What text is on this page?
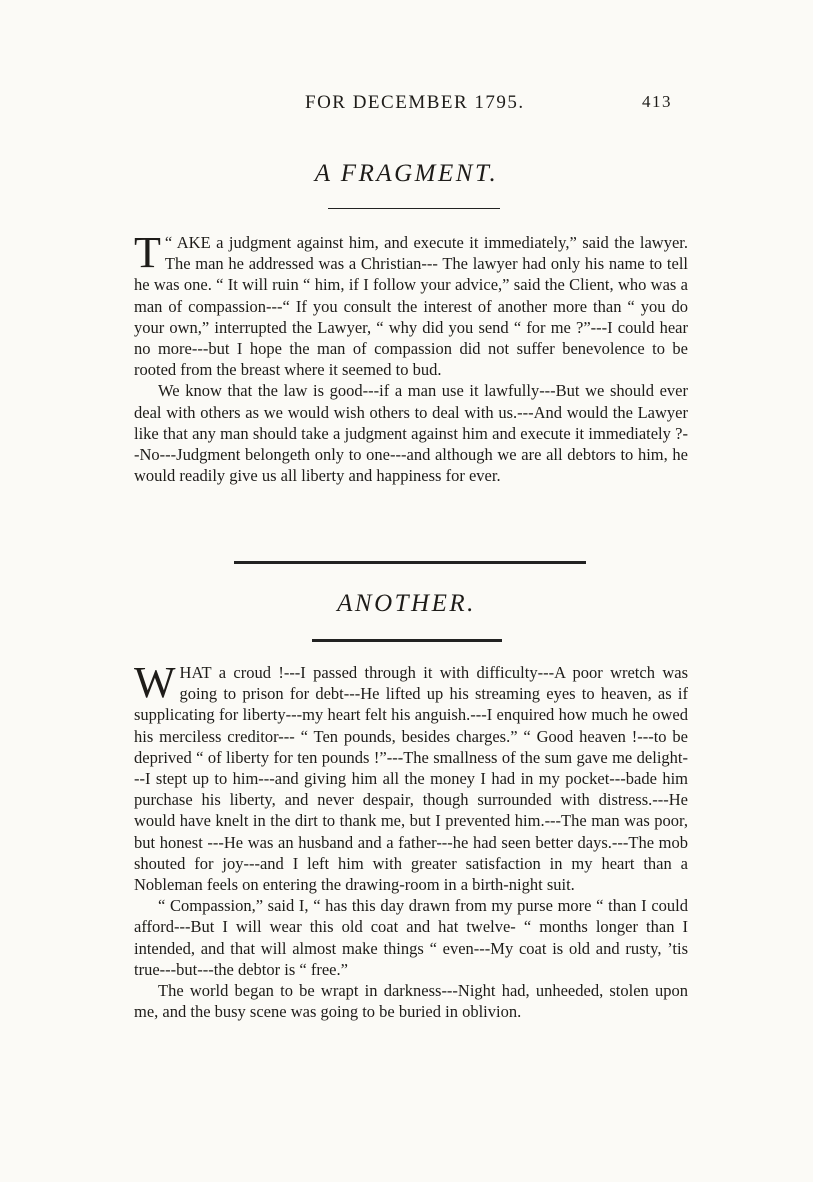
FOR DECEMBER 1795.	413
A FRAGMENT.

T “ AKE a judgment against him, and execute it immediately,” said the lawyer. The man he addressed was a Christian--- The lawyer had only his name to tell he was one. “ It will ruin “ him, if I follow your advice,” said the Client, who was a man of compassion---“ If you consult the interest of another more than “ you do your own,” interrupted the Lawyer, “ why did you send “ for me ?”---I could hear no more---but I hope the man of compassion did not suffer benevolence to be rooted from the breast where it seemed to bud.

We know that the law is good---if a man use it lawfully---But we should ever deal with others as we would wish others to deal with us.---And would the Lawyer like that any man should take a judgment against him and execute it immediately ?--No---Judgment belongeth only to one---and although we are all debtors to him, he would readily give us all liberty and happiness for ever.

ANOTHER.

WHAT a croud !---I passed through it with difficulty---A poor wretch was going to prison for debt---He lifted up his streaming eyes to heaven, as if supplicating for liberty---my heart felt his anguish.---I enquired how much he owed his merciless creditor--- “ Ten pounds, besides charges.” “ Good heaven !---to be deprived “ of liberty for ten pounds !”---The smallness of the sum gave me delight---I stept up to him---and giving him all the money I had in my pocket---bade him purchase his liberty, and never despair, though surrounded with distress.---He would have knelt in the dirt to thank me, but I prevented him.---The man was poor, but honest ---He was an husband and a father---he had seen better days.---The mob shouted for joy---and I left him with greater satisfaction in my heart than a Nobleman feels on entering the drawing-room in a birth-night suit.

“ Compassion,” said I, “ has this day drawn from my purse more “ than I could afford---But I will wear this old coat and hat twelve- “ months longer than I intended, and that will almost make things “ even---My coat is old and rusty, ’tis true---but---the debtor is “ free.”

The world began to be wrapt in darkness---Night had, unheeded, stolen upon me, and the busy scene was going to be buried in oblivion.
